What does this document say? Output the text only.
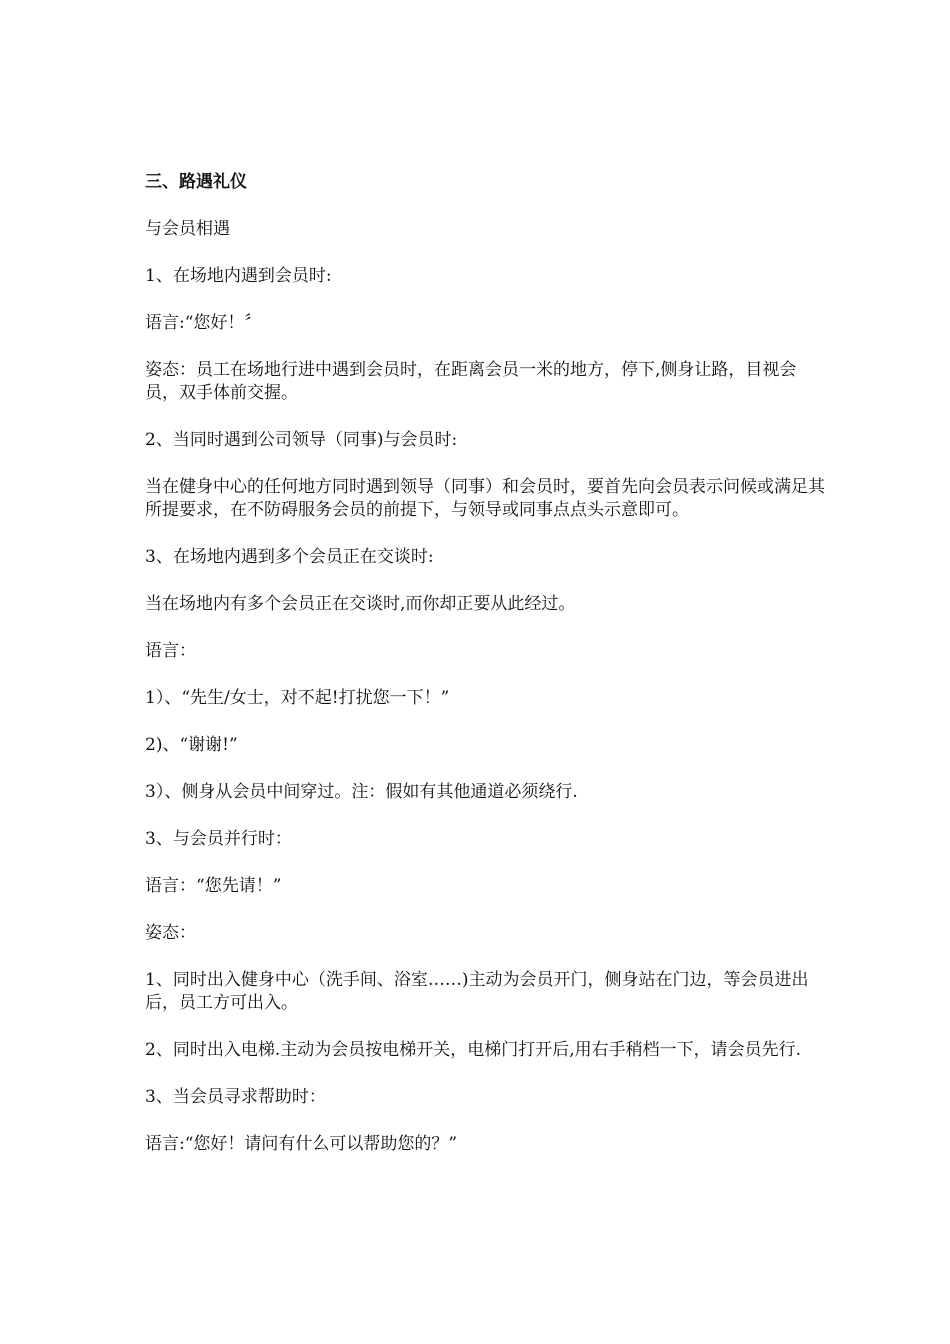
三、路遇礼仪
与会员相遇
1、在场地内遇到会员时:
语言:“您好！〞
姿态：员工在场地行进中遇到会员时，在距离会员一米的地方，停下,侧身让路，目视会员，双手体前交握。
2、当同时遇到公司领导（同事)与会员时:
当在健身中心的任何地方同时遇到领导（同事）和会员时，要首先向会员表示问候或满足其所提要求，在不防碍服务会员的前提下，与领导或同事点点头示意即可。
3、在场地内遇到多个会员正在交谈时:
当在场地内有多个会员正在交谈时,而你却正要从此经过。
语言：
1）、“先生/女士，对不起!打扰您一下！”
2)、“谢谢!”
3）、侧身从会员中间穿过。注：假如有其他通道必须绕行.
3、与会员并行时：
语言：“您先请！”
姿态：
1、同时出入健身中心（洗手间、浴室……)主动为会员开门，侧身站在门边，等会员进出后，员工方可出入。
2、同时出入电梯.主动为会员按电梯开关，电梯门打开后,用右手稍档一下，请会员先行.
3、当会员寻求帮助时：
语言:“您好！请问有什么可以帮助您的？”
